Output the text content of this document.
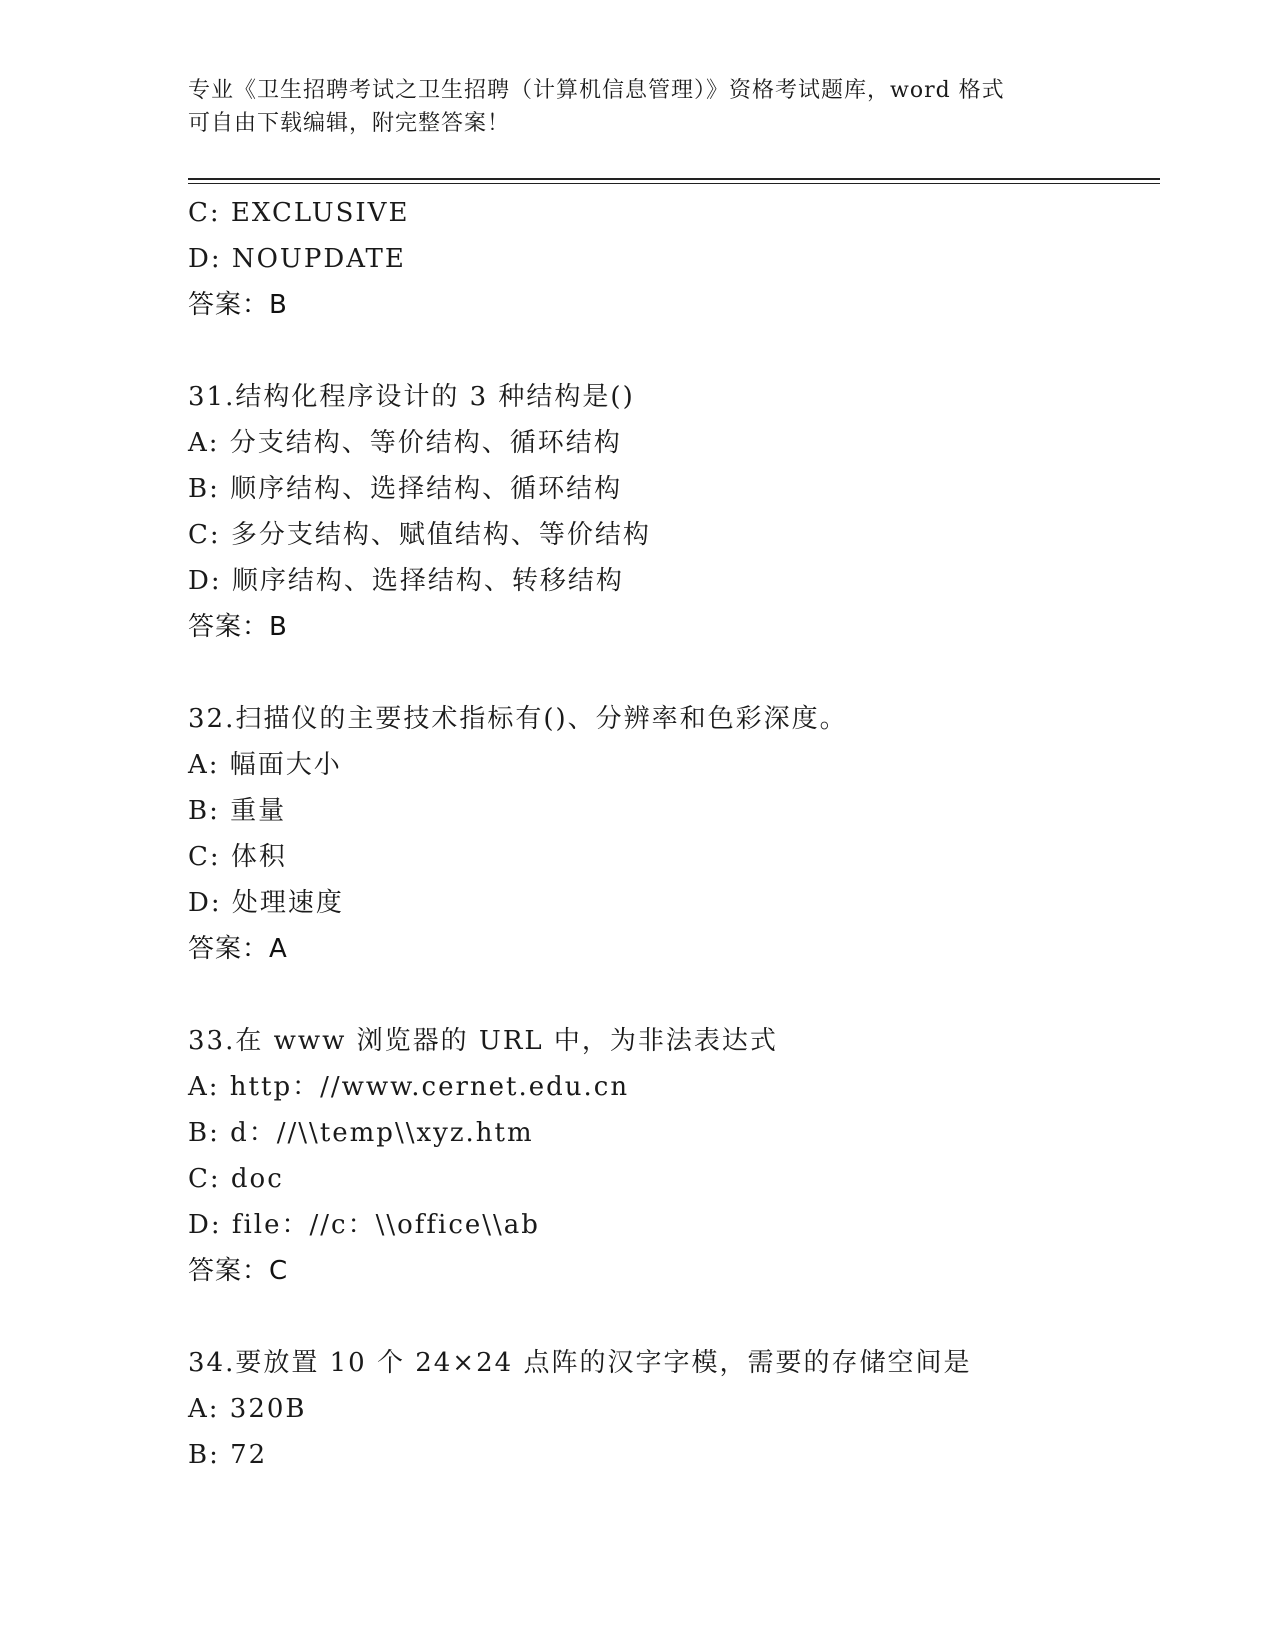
专业《卫生招聘考试之卫生招聘（计算机信息管理）》资格考试题库，word 格式
可自由下载编辑，附完整答案！
C: EXCLUSIVE
D: NOUPDATE
答案：B
31.结构化程序设计的 3 种结构是()
A: 分支结构、等价结构、循环结构
B: 顺序结构、选择结构、循环结构
C: 多分支结构、赋值结构、等价结构
D: 顺序结构、选择结构、转移结构
答案：B
32.扫描仪的主要技术指标有()、分辨率和色彩深度。
A: 幅面大小
B: 重量
C: 体积
D: 处理速度
答案：A
33.在 www 浏览器的 URL 中，为非法表达式
A: http：//www.cernet.edu.cn
B: d：//\\temp\\xyz.htm
C: doc
D: file：//c：\\office\\ab
答案：C
34.要放置 10 个 24×24 点阵的汉字字模，需要的存储空间是
A: 320B
B: 72
